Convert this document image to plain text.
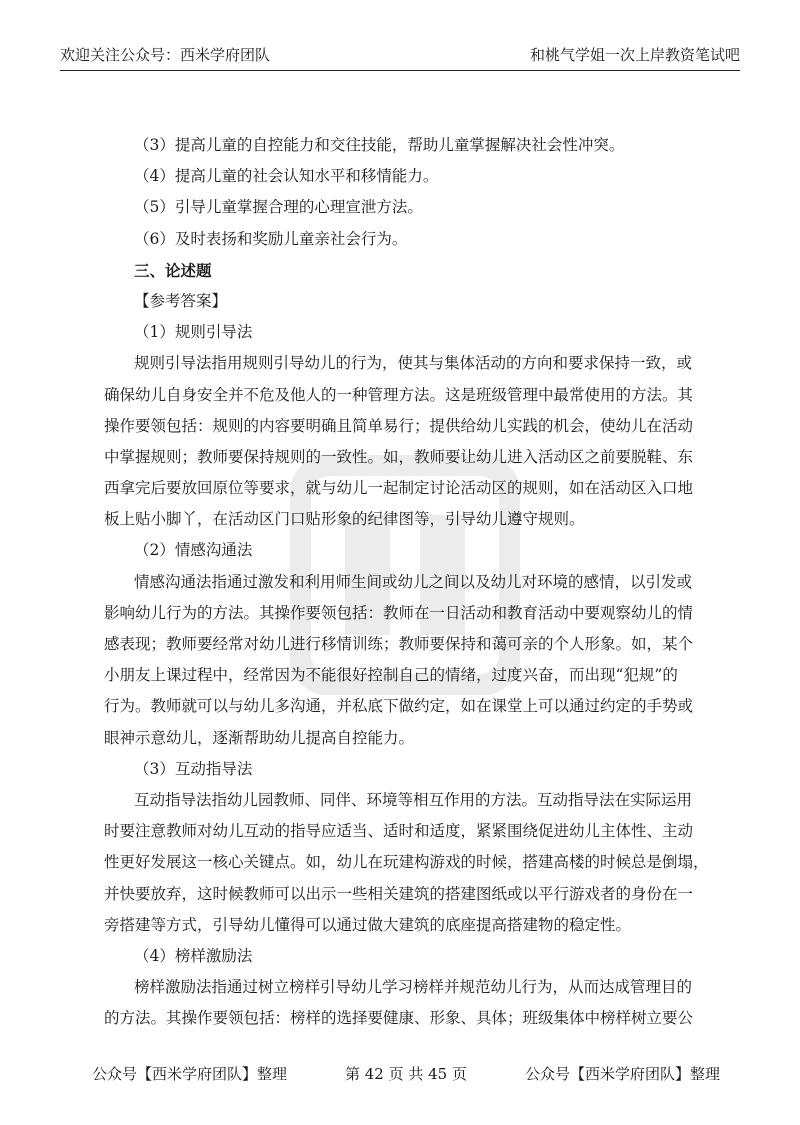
欢迎关注公众号：西米学府团队	和桃气学姐一次上岸教资笔试吧
（3）提高儿童的自控能力和交往技能，帮助儿童掌握解决社会性冲突。
（4）提高儿童的社会认知水平和移情能力。
（5）引导儿童掌握合理的心理宣泄方法。
（6）及时表扬和奖励儿童亲社会行为。
三、论述题
【参考答案】
（1）规则引导法
规则引导法指用规则引导幼儿的行为，使其与集体活动的方向和要求保持一致，或
确保幼儿自身安全并不危及他人的一种管理方法。这是班级管理中最常使用的方法。其
操作要领包括：规则的内容要明确且简单易行；提供给幼儿实践的机会，使幼儿在活动
中掌握规则；教师要保持规则的一致性。如，教师要让幼儿进入活动区之前要脱鞋、东
西拿完后要放回原位等要求，就与幼儿一起制定讨论活动区的规则，如在活动区入口地
板上贴小脚丫，在活动区门口贴形象的纪律图等，引导幼儿遵守规则。
（2）情感沟通法
情感沟通法指通过激发和利用师生间或幼儿之间以及幼儿对环境的感情，以引发或
影响幼儿行为的方法。其操作要领包括：教师在一日活动和教育活动中要观察幼儿的情
感表现；教师要经常对幼儿进行移情训练；教师要保持和蔼可亲的个人形象。如，某个
小朋友上课过程中，经常因为不能很好控制自己的情绪，过度兴奋，而出现“犯规”的
行为。教师就可以与幼儿多沟通，并私底下做约定，如在课堂上可以通过约定的手势或
眼神示意幼儿，逐渐帮助幼儿提高自控能力。
（3）互动指导法
互动指导法指幼儿园教师、同伴、环境等相互作用的方法。互动指导法在实际运用
时要注意教师对幼儿互动的指导应适当、适时和适度，紧紧围绕促进幼儿主体性、主动
性更好发展这一核心关键点。如，幼儿在玩建构游戏的时候，搭建高楼的时候总是倒塌，
并快要放弃，这时候教师可以出示一些相关建筑的搭建图纸或以平行游戏者的身份在一
旁搭建等方式，引导幼儿懂得可以通过做大建筑的底座提高搭建物的稳定性。
（4）榜样激励法
榜样激励法指通过树立榜样引导幼儿学习榜样并规范幼儿行为，从而达成管理目的
的方法。其操作要领包括：榜样的选择要健康、形象、具体；班级集体中榜样树立要公
公众号【西米学府团队】整理	第 42 页 共 45 页	公众号【西米学府团队】整理
